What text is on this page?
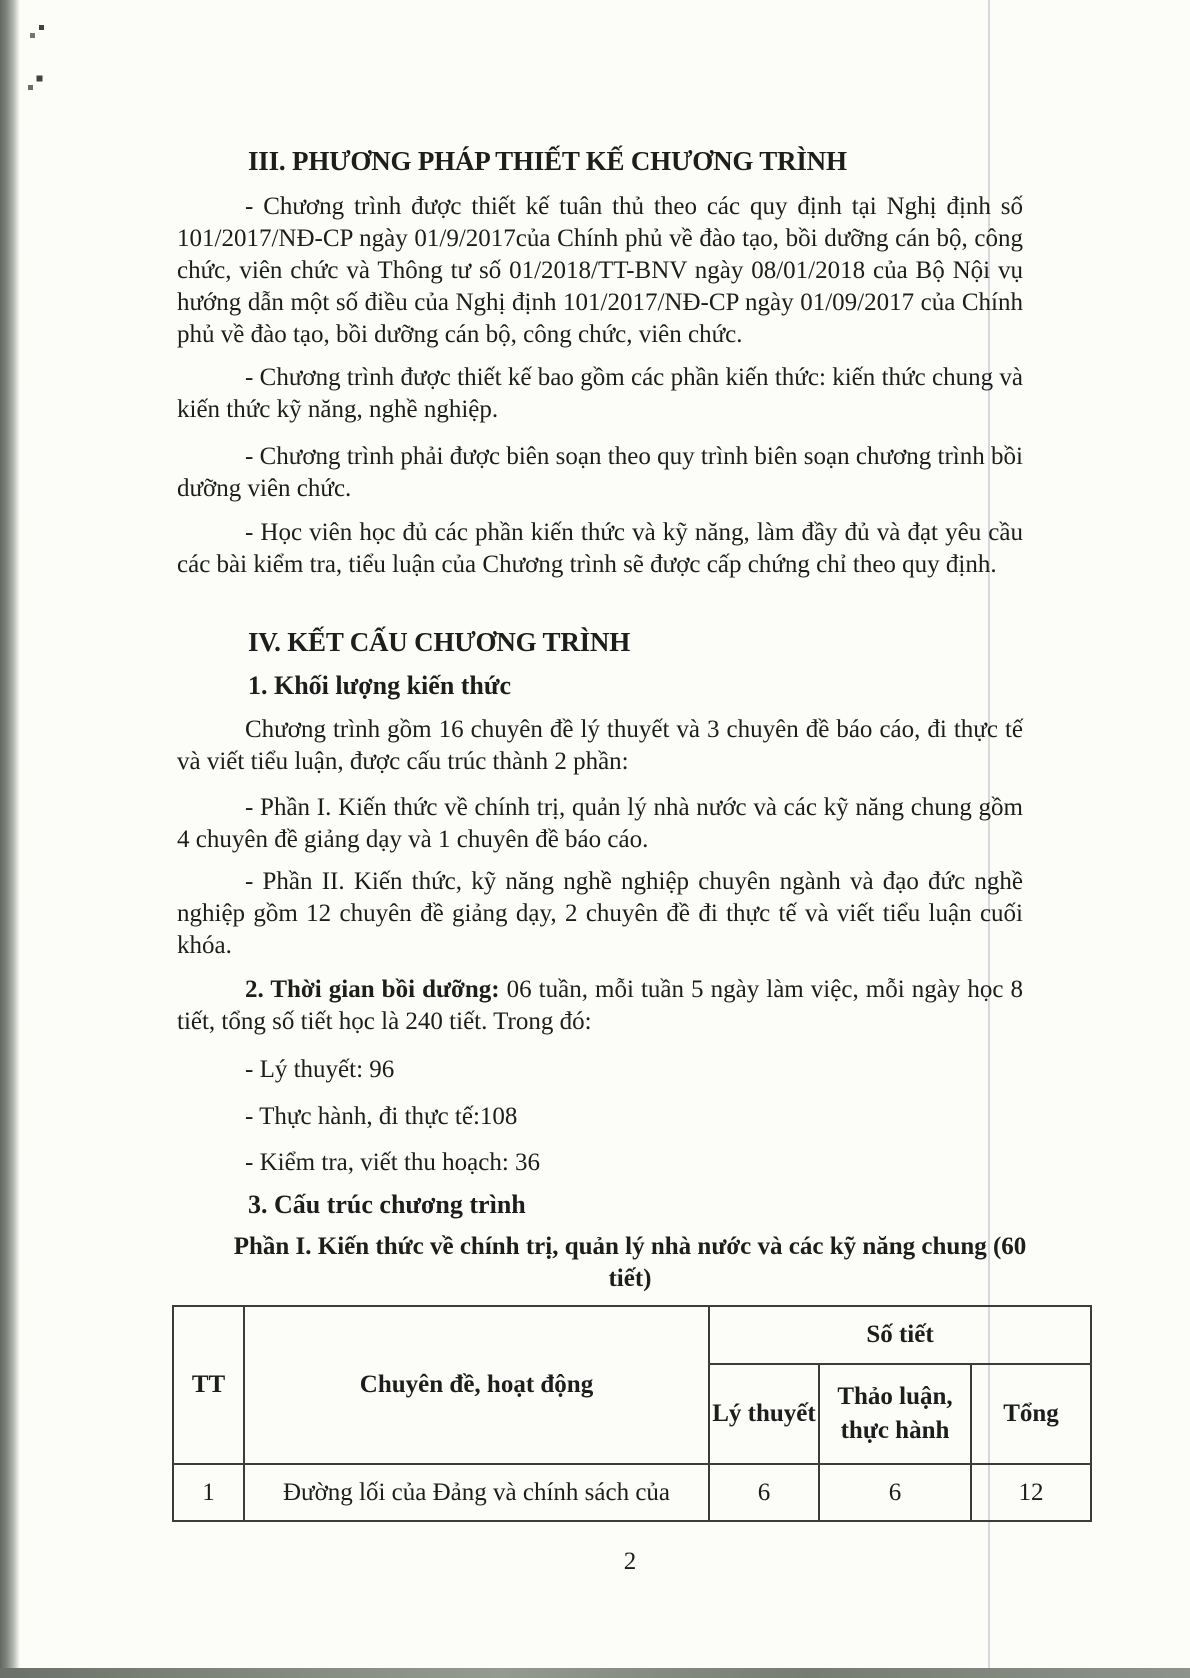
III. PHƯƠNG PHÁP THIẾT KẾ CHƯƠNG TRÌNH

- Chương trình được thiết kế tuân thủ theo các quy định tại Nghị định số 101/2017/NĐ-CP ngày 01/9/2017của Chính phủ về đào tạo, bồi dưỡng cán bộ, công chức, viên chức và Thông tư số 01/2018/TT-BNV ngày 08/01/2018 của Bộ Nội vụ hướng dẫn một số điều của Nghị định 101/2017/NĐ-CP ngày 01/09/2017 của Chính phủ về đào tạo, bồi dưỡng cán bộ, công chức, viên chức.

- Chương trình được thiết kế bao gồm các phần kiến thức: kiến thức chung và kiến thức kỹ năng, nghề nghiệp.

- Chương trình phải được biên soạn theo quy trình biên soạn chương trình bồi dưỡng viên chức.

- Học viên học đủ các phần kiến thức và kỹ năng, làm đầy đủ và đạt yêu cầu các bài kiểm tra, tiểu luận của Chương trình sẽ được cấp chứng chỉ theo quy định.

IV. KẾT CẤU CHƯƠNG TRÌNH
1. Khối lượng kiến thức

Chương trình gồm 16 chuyên đề lý thuyết và 3 chuyên đề báo cáo, đi thực tế và viết tiểu luận, được cấu trúc thành 2 phần:

- Phần I. Kiến thức về chính trị, quản lý nhà nước và các kỹ năng chung gồm 4 chuyên đề giảng dạy và 1 chuyên đề báo cáo.

- Phần II. Kiến thức, kỹ năng nghề nghiệp chuyên ngành và đạo đức nghề nghiệp gồm 12 chuyên đề giảng dạy, 2 chuyên đề đi thực tế và viết tiểu luận cuối khóa.

2. Thời gian bồi dưỡng: 06 tuần, mỗi tuần 5 ngày làm việc, mỗi ngày học 8 tiết, tổng số tiết học là 240 tiết. Trong đó:

- Lý thuyết: 96

- Thực hành, đi thực tế:108

- Kiểm tra, viết thu hoạch: 36

3. Cấu trúc chương trình

Phần I. Kiến thức về chính trị, quản lý nhà nước và các kỹ năng chung (60 tiết)

TT	Chuyên đề, hoạt động	Số tiết		
		Lý thuyết	Thảo luận, thực hành	Tổng
1	Đường lối của Đảng và chính sách của	6	6	12

2
